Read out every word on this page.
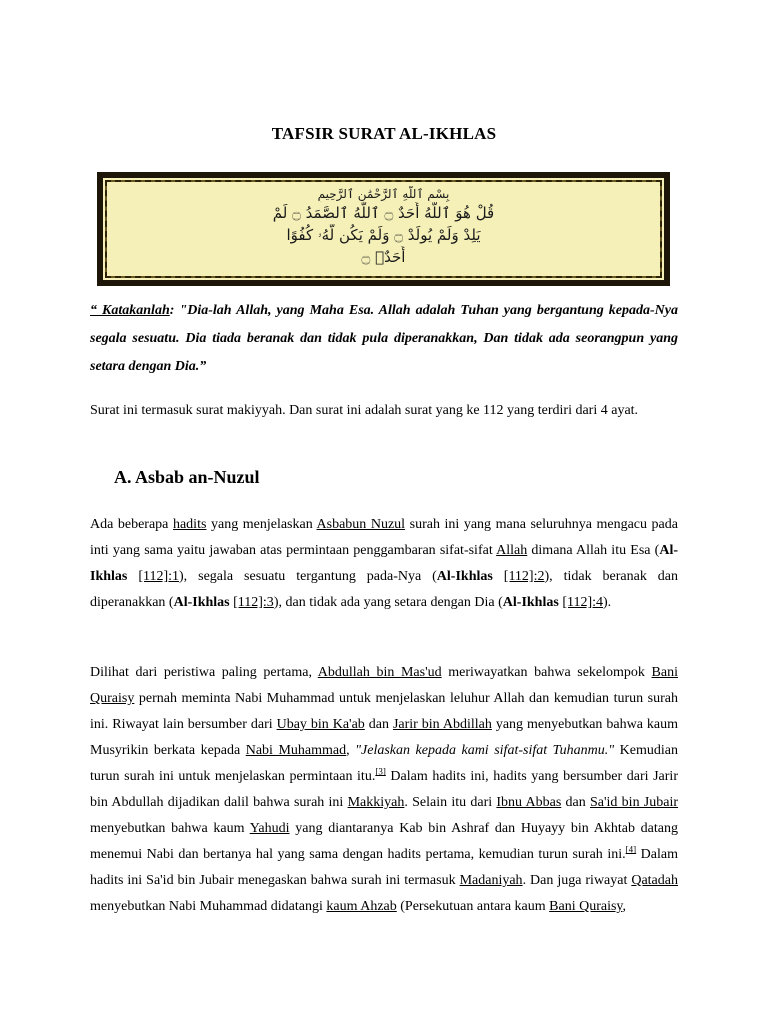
TAFSIR SURAT AL-IKHLAS
بِسْمِ ٱللَّهِ ٱلرَّحْمَٰنِ ٱلرَّحِيمِ
قُلْ هُوَ ٱللَّهُ أَحَدٌ ۝ ٱللَّهُ ٱلصَّمَدُ ۝ لَمْ
يَلِدْ وَلَمْ يُولَدْ ۝ وَلَمْ يَكُن لَّهُۥ كُفُوًا
أَحَدٌۢ ۝
“ Katakanlah: "Dia-lah Allah, yang Maha Esa. Allah adalah Tuhan yang bergantung kepada-Nya segala sesuatu. Dia tiada beranak dan tidak pula diperanakkan, Dan tidak ada seorangpun yang setara dengan Dia.”
Surat ini termasuk surat makiyyah. Dan surat ini adalah surat yang ke 112 yang terdiri dari 4 ayat.
A. Asbab an-Nuzul
Ada beberapa hadits yang menjelaskan Asbabun Nuzul surah ini yang mana seluruhnya mengacu pada inti yang sama yaitu jawaban atas permintaan penggambaran sifat-sifat Allah dimana Allah itu Esa (Al-Ikhlas [112]:1), segala sesuatu tergantung pada-Nya (Al-Ikhlas [112]:2), tidak beranak dan diperanakkan (Al-Ikhlas [112]:3), dan tidak ada yang setara dengan Dia (Al-Ikhlas [112]:4).
Dilihat dari peristiwa paling pertama, Abdullah bin Mas'ud meriwayatkan bahwa sekelompok Bani Quraisy pernah meminta Nabi Muhammad untuk menjelaskan leluhur Allah dan kemudian turun surah ini. Riwayat lain bersumber dari Ubay bin Ka'ab dan Jarir bin Abdillah yang menyebutkan bahwa kaum Musyrikin berkata kepada Nabi Muhammad, "Jelaskan kepada kami sifat-sifat Tuhanmu." Kemudian turun surah ini untuk menjelaskan permintaan itu.[3] Dalam hadits ini, hadits yang bersumber dari Jarir bin Abdullah dijadikan dalil bahwa surah ini Makkiyah. Selain itu dari Ibnu Abbas dan Sa'id bin Jubair menyebutkan bahwa kaum Yahudi yang diantaranya Kab bin Ashraf dan Huyayy bin Akhtab datang menemui Nabi dan bertanya hal yang sama dengan hadits pertama, kemudian turun surah ini.[4] Dalam hadits ini Sa'id bin Jubair menegaskan bahwa surah ini termasuk Madaniyah. Dan juga riwayat Qatadah menyebutkan Nabi Muhammad didatangi kaum Ahzab (Persekutuan antara kaum Bani Quraisy,
